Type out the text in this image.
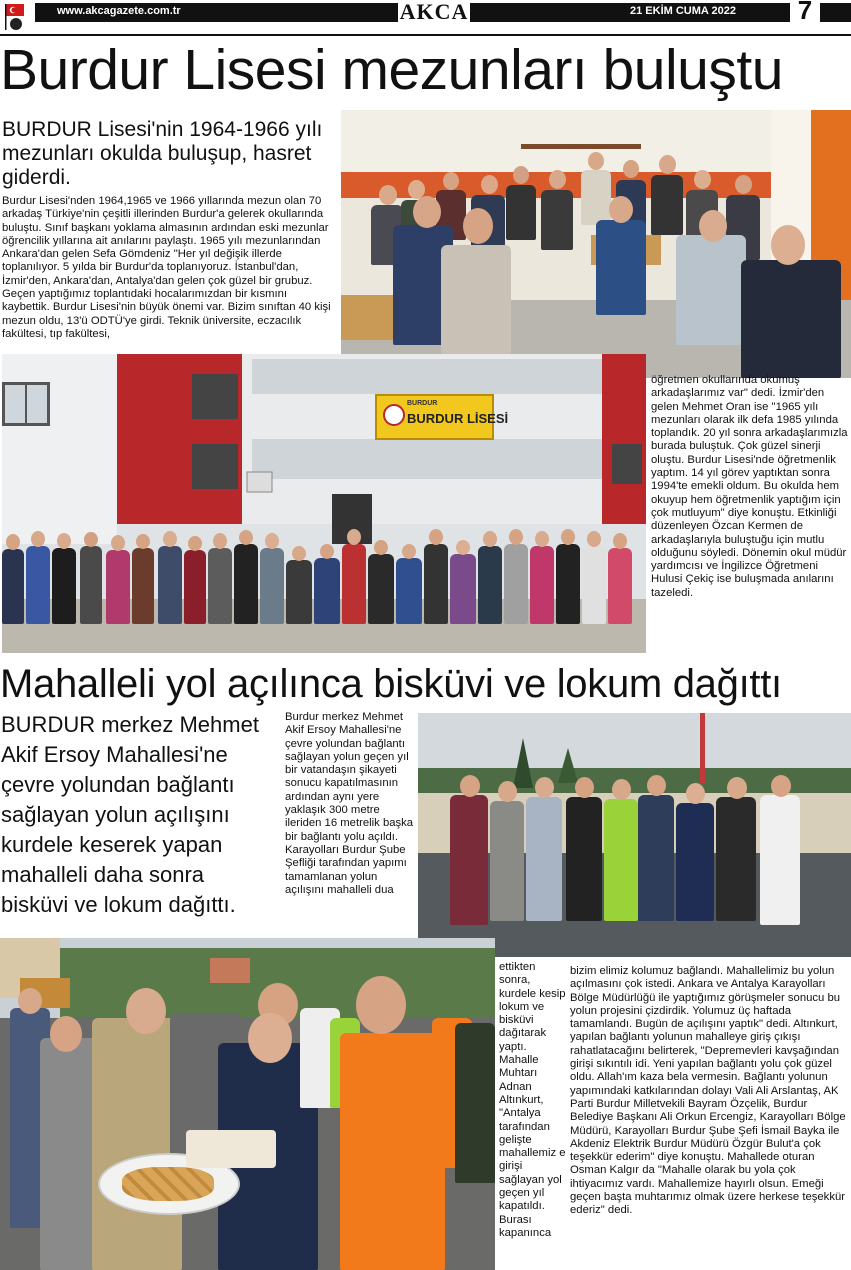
www.akcagazete.com.tr	AKCA	21 EKİM CUMA 2022 7
Burdur Lisesi mezunları buluştu
BURDUR Lisesi'nin 1964-1966 yılı mezunları okulda buluşup, hasret giderdi.
Burdur Lisesi'nden 1964,1965 ve 1966 yıllarında mezun olan 70 arkadaş Türkiye'nin çeşitli illerinden Burdur'a gelerek okullarında buluştu. Sınıf başkanı yoklama almasının ardından eski mezunlar öğrencilik yıllarına ait anılarını paylaştı. 1965 yılı mezunlarından Ankara'dan gelen Sefa Gömdeniz "Her yıl değişik illerde toplanılıyor. 5 yılda bir Burdur'da toplanıyoruz. İstanbul'dan, İzmir'den, Ankara'dan, Antalya'dan gelen çok güzel bir grubuz. Geçen yaptığımız toplantıdaki hocalarımızdan bir kısmını kaybettik. Burdur Lisesi'nin büyük önemi var. Bizim sınıftan 40 kişi mezun oldu, 13'ü ODTÜ'ye girdi. Teknik üniversite, eczacılık fakültesi, tıp fakültesi,
BURDUR
BURDUR LİSESİ
öğretmen okullarında okumuş arkadaşlarımız var" dedi. İzmir'den gelen Mehmet Oran ise "1965 yılı mezunları olarak ilk defa 1985 yılında toplandık. 20 yıl sonra arkadaşlarımızla burada buluştuk. Çok güzel sinerji oluştu. Burdur Lisesi'nde öğretmenlik yaptım. 14 yıl görev yaptıktan sonra 1994'te emekli oldum. Bu okulda hem okuyup hem öğretmenlik yaptığım için çok mutluyum" diye konuştu. Etkinliği düzenleyen Özcan Kermen de arkadaşlarıyla buluştuğu için mutlu olduğunu söyledi. Dönemin okul müdür yardımcısı ve İngilizce Öğretmeni Hulusi Çekiç ise buluşmada anılarını tazeledi.
Mahalleli yol açılınca bisküvi ve lokum dağıttı
BURDUR merkez Mehmet Akif Ersoy Mahallesi'ne çevre yolundan bağlantı sağlayan yolun açılışını kurdele keserek yapan mahalleli daha sonra bisküvi ve lokum dağıttı.
Burdur merkez Mehmet Akif Ersoy Mahallesi'ne çevre yolundan bağlantı sağlayan yolun geçen yıl bir vatandaşın şikayeti sonucu kapatılmasının ardından aynı yere yaklaşık 300 metre ileriden 16 metrelik başka bir bağlantı yolu açıldı. Karayolları Burdur Şube Şefliği tarafından yapımı tamamlanan yolun açılışını mahalleli dua
ettikten sonra, kurdele kesip lokum ve bisküvi dağıtarak yaptı. Mahalle Muhtarı Adnan Altınkurt, "Antalya tarafından gelişte mahallemiz e girişi sağlayan yol geçen yıl kapatıldı. Burası kapanınca
bizim elimiz kolumuz bağlandı. Mahallelimiz bu yolun açılmasını çok istedi. Ankara ve Antalya Karayolları Bölge Müdürlüğü ile yaptığımız görüşmeler sonucu bu yolun projesini çizdirdik. Yolumuz üç haftada tamamlandı. Bugün de açılışını yaptık" dedi. Altınkurt, yapılan bağlantı yolunun mahalleye giriş çıkışı rahatlatacağını belirterek, "Depremevleri kavşağından girişi sıkıntılı idi. Yeni yapılan bağlantı yolu çok güzel oldu. Allah'ım kaza bela vermesin. Bağlantı yolunun yapımındaki katkılarından dolayı Vali Ali Arslantaş, AK Parti Burdur Milletvekili Bayram Özçelik, Burdur Belediye Başkanı Ali Orkun Ercengiz, Karayolları Bölge Müdürü, Karayolları Burdur Şube Şefi İsmail Bayka ile Akdeniz Elektrik Burdur Müdürü Özgür Bulut'a çok teşekkür ederim" diye konuştu. Mahallede oturan Osman Kalgır da "Mahalle olarak bu yola çok ihtiyacımız vardı. Mahallemize hayırlı olsun. Emeği geçen başta muhtarımız olmak üzere herkese teşekkür ederiz" dedi.
